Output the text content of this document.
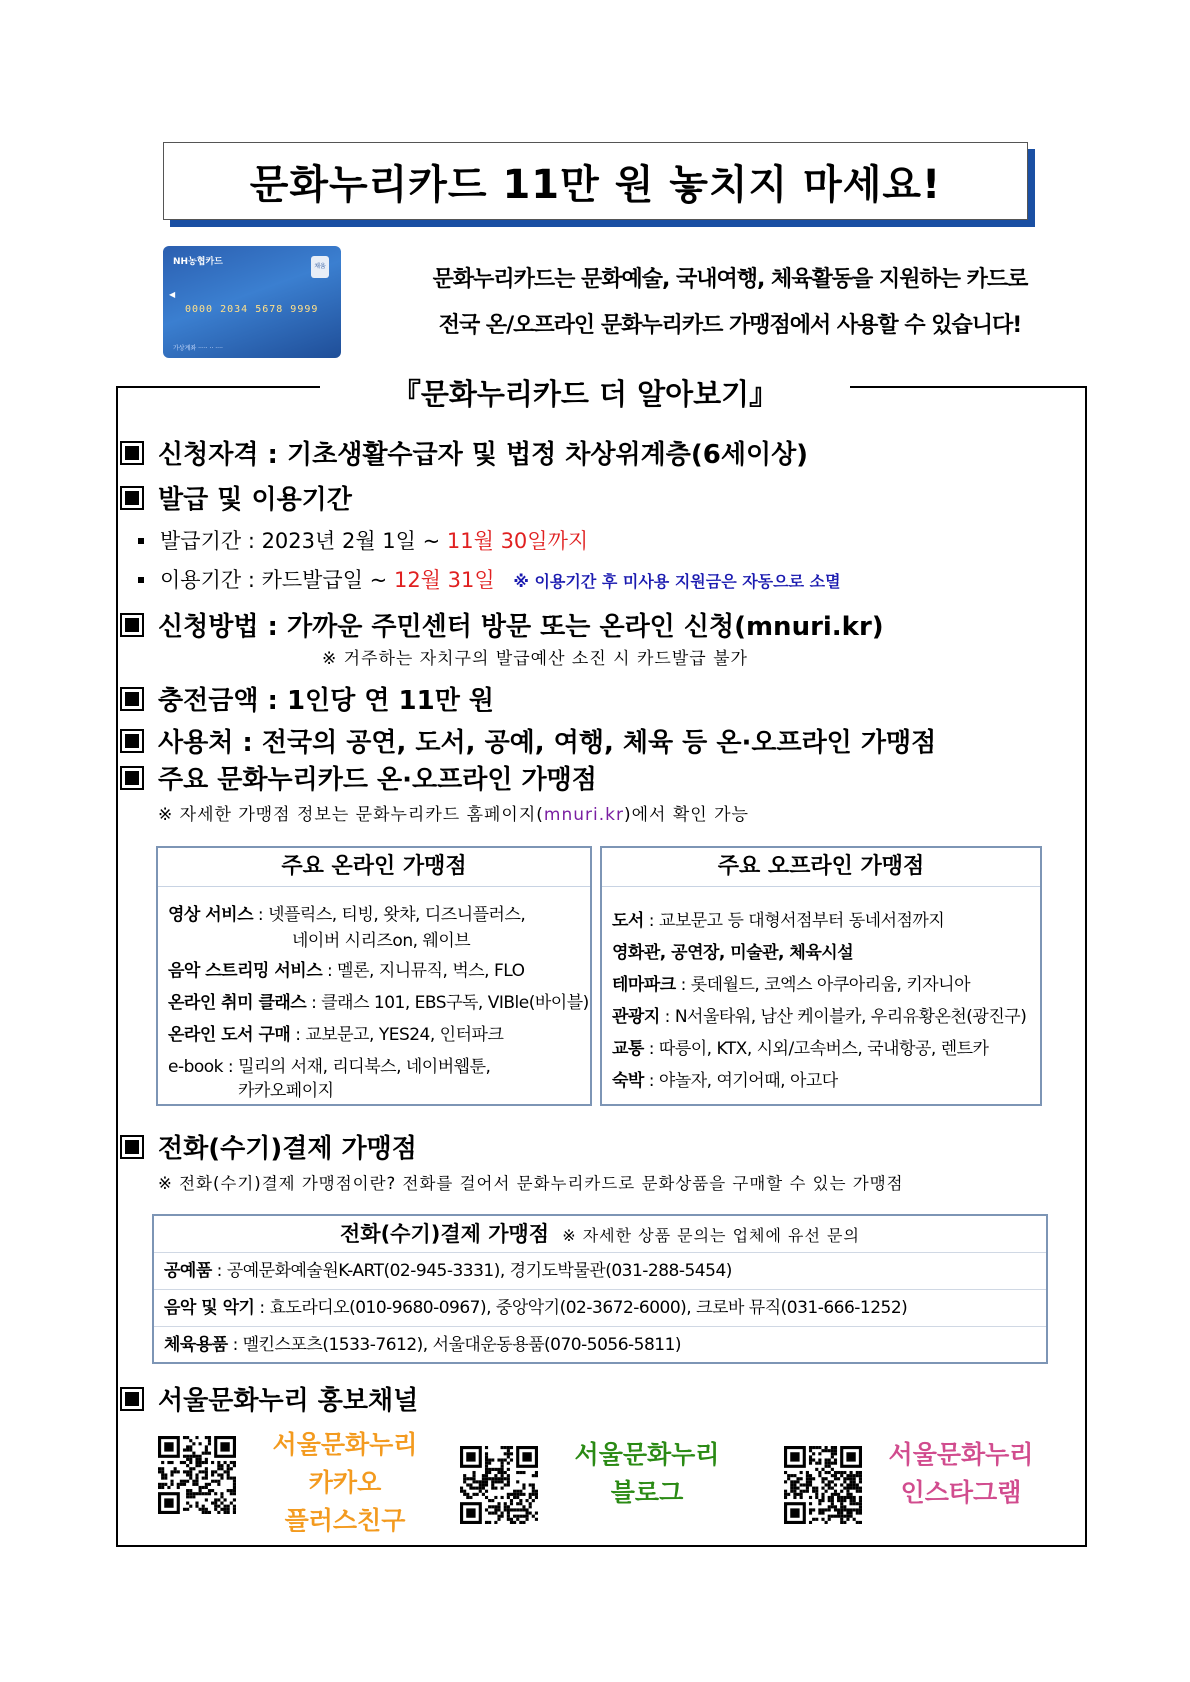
문화누리카드 11만 원 놓치지 마세요!
NH농협카드	채움
◀
0000 2034 5678 9999
가상계좌 ····· ·· ····
문화누리카드는 문화예술, 국내여행, 체육활동을 지원하는 카드로
전국 온/오프라인 문화누리카드 가맹점에서 사용할 수 있습니다!
『문화누리카드 더 알아보기』
신청자격 : 기초생활수급자 및 법정 차상위계층(6세이상)
발급 및 이용기간
발급기간 : 2023년 2월 1일 ~ 11월 30일까지
이용기간 : 카드발급일 ~ 12월 31일 ※ 이용기간 후 미사용 지원금은 자동으로 소멸
신청방법 : 가까운 주민센터 방문 또는 온라인 신청(mnuri.kr)
※ 거주하는 자치구의 발급예산 소진 시 카드발급 불가
충전금액 : 1인당 연 11만 원
사용처 : 전국의 공연, 도서, 공예, 여행, 체육 등 온·오프라인 가맹점
주요 문화누리카드 온·오프라인 가맹점
※ 자세한 가맹점 정보는 문화누리카드 홈페이지(mnuri.kr)에서 확인 가능
주요 온라인 가맹점
영상 서비스 : 넷플릭스, 티빙, 왓챠, 디즈니플러스,
네이버 시리즈on, 웨이브
음악 스트리밍 서비스 : 멜론, 지니뮤직, 벅스, FLO
온라인 취미 클래스 : 클래스 101, EBS구독, VIBle(바이블)
온라인 도서 구매 : 교보문고, YES24, 인터파크
e-book : 밀리의 서재, 리디북스, 네이버웹툰,
카카오페이지
주요 오프라인 가맹점
도서 : 교보문고 등 대형서점부터 동네서점까지
영화관, 공연장, 미술관, 체육시설
테마파크 : 롯데월드, 코엑스 아쿠아리움, 키자니아
관광지 : N서울타워, 남산 케이블카, 우리유황온천(광진구)
교통 : 따릉이, KTX, 시외/고속버스, 국내항공, 렌트카
숙박 : 야놀자, 여기어때, 아고다
전화(수기)결제 가맹점
※ 전화(수기)결제 가맹점이란? 전화를 걸어서 문화누리카드로 문화상품을 구매할 수 있는 가맹점
전화(수기)결제 가맹점 ※ 자세한 상품 문의는 업체에 유선 문의
공예품 : 공예문화예술원K-ART(02-945-3331), 경기도박물관(031-288-5454)
음악 및 악기 : 효도라디오(010-9680-0967), 중앙악기(02-3672-6000), 크로바 뮤직(031-666-1252)
체육용품 : 멜킨스포츠(1533-7612), 서울대운동용품(070-5056-5811)
서울문화누리 홍보채널
서울문화누리
카카오
플러스친구
서울문화누리
블로그
서울문화누리
인스타그램
